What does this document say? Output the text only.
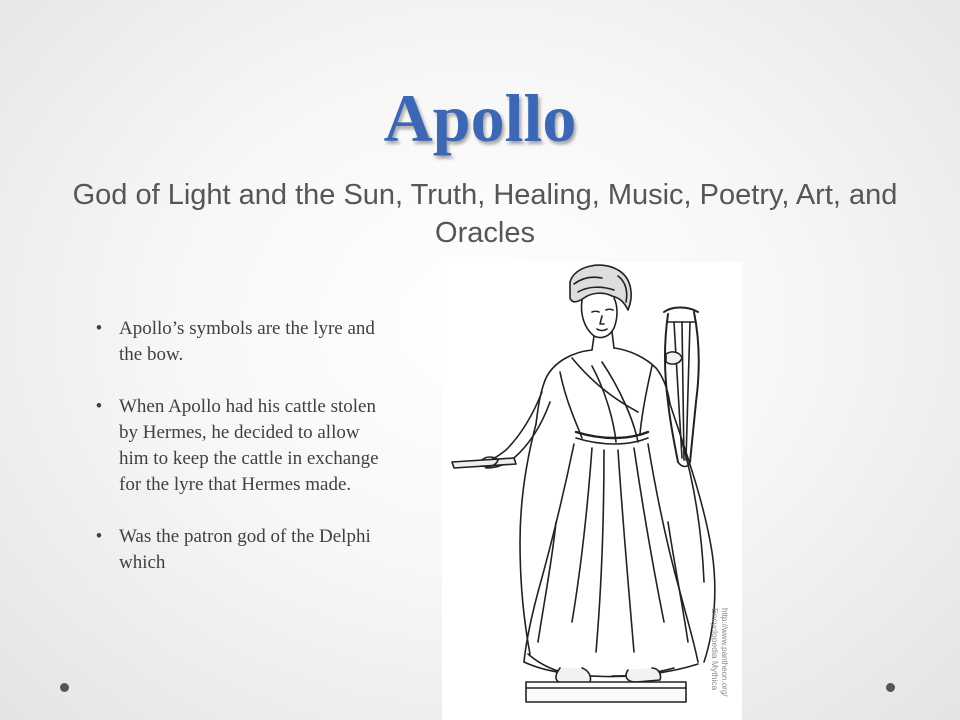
Apollo

God of Light and the Sun, Truth, Healing, Music, Poetry, Art, and Oracles

• Apollo’s symbols are the lyre and the bow.
• When Apollo had his cattle stolen by Hermes, he decided to allow him to keep the cattle in exchange for the lyre that Hermes made.
• Was the patron god of the Delphi which
Encyclopedia Mythica http://www.pantheon.org/
